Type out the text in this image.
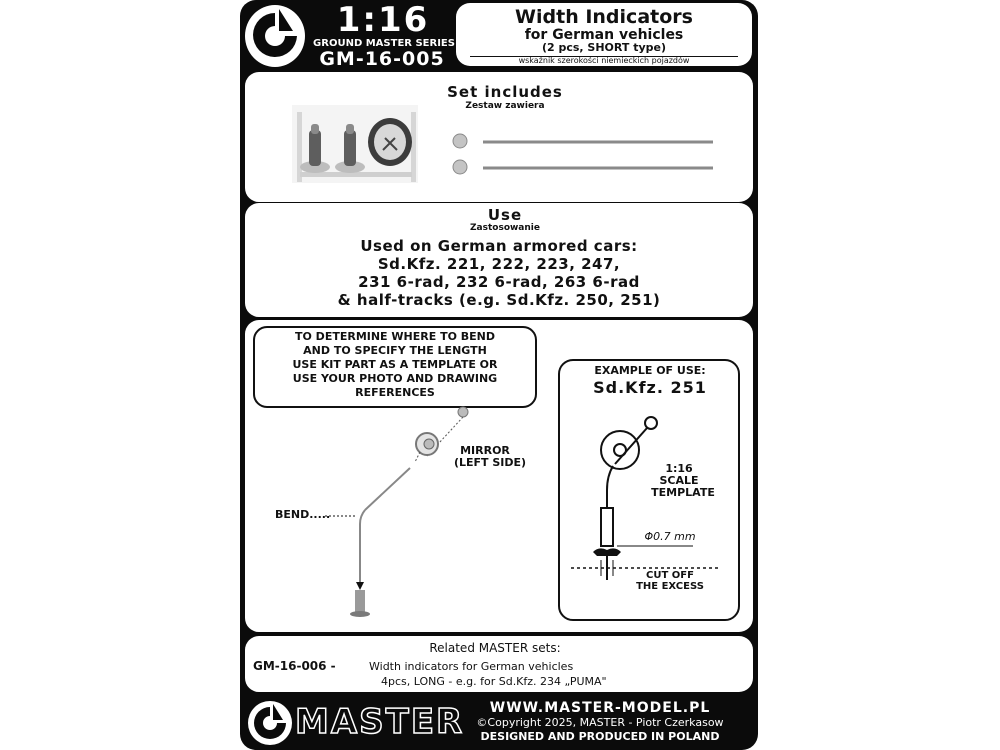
1:16
GROUND MASTER SERIES
GM-16-005
Width Indicators
for German vehicles
(2 pcs, SHORT type)
wskaźnik szerokości niemieckich pojazdów
Set includes
Zestaw zawiera
Use
Zastosowanie
Used on German armored cars:
Sd.Kfz. 221, 222, 223, 247,
231 6-rad, 232 6-rad, 263 6-rad
& half-tracks (e.g. Sd.Kfz. 250, 251)
TO DETERMINE WHERE TO BEND
AND TO SPECIFY THE LENGTH
USE KIT PART AS A TEMPLATE OR
USE YOUR PHOTO AND DRAWING
REFERENCES
MIRROR
(LEFT SIDE)
BEND.....
EXAMPLE OF USE:
Sd.Kfz. 251
1:16
SCALE
TEMPLATE
Φ0.7 mm
CUT OFF
THE EXCESS
Related MASTER sets:
GM-16-006 -	Width indicators for German vehicles
4pcs, LONG - e.g. for Sd.Kfz. 234 „PUMA"
MASTER	WWW.MASTER-MODEL.PL
©Copyright 2025, MASTER - Piotr Czerkasow
DESIGNED AND PRODUCED IN POLAND
